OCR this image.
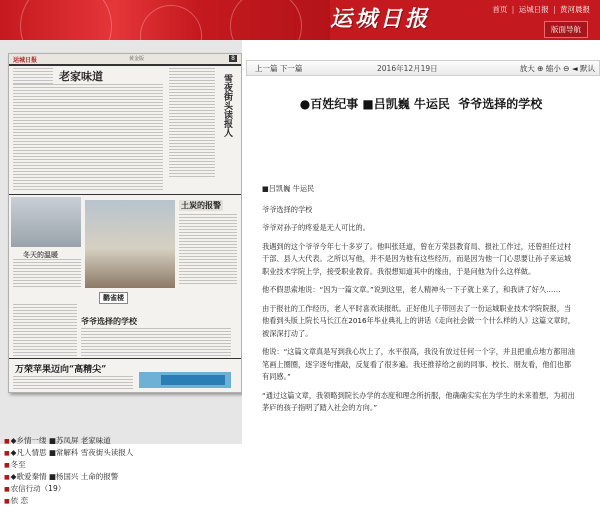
运城日报	首页 | 运城日报 | 黄河晨报
版面导航
运城日报	黄金版	8
老家味道	雪夜街头读报人
冬天的温暖
土炭的报警
鹳雀楼
爷爷选择的学校
万荣苹果迈向“高精尖”
■◆乡情一缕 ■苏凤屏 老家味道
■◆凡人情思 ■常解科 雪夜街头读报人
■冬至
■◆歌爱秦情 ■杨国兴 土命的报警
■农信行动（19）
■依 恋
上一篇 下一篇	2016年12月19日	放大 ⊕ 缩小 ⊖ ◄ 默认
●百姓纪事 ■吕凯巍 牛运民 爷爷选择的学校

■吕凯巍 牛运民

爷爷选择的学校

爷爷对孙子的疼爱是无人可比的。

我遇到的这个爷爷今年七十多岁了。他叫张廷道，曾在万荣县教育局、报社工作过，还曾担任过村干部、县人大代表。之所以写他，并不是因为他有这些经历，而是因为他一门心思要让孙子来运城职业技术学院上学，接受职业教育。我很想知道其中的缘由，于是问他为什么这样做。

他不假思索地说：“因为一篇文章。”说到这里，老人精神头一下子就上来了，和我讲了好久……

由于报社的工作经历，老人平时喜欢读报纸。正好他儿子带回去了一份运城职业技术学院院报，当他看到头版上院长马长江在2016年毕业典礼上的讲话《走向社会做一个什么样的人》这篇文章时，被深深打动了。

他说：“这篇文章真是写到我心坎上了，水平很高，我没有放过任何一个字，并且把重点地方都用油笔画上圈圈，逐字逐句推敲，反复看了很多遍。我还推荐给之前的同事、校长、朋友看，他们也都有同感。”

“通过这篇文章，我领略到院长办学的态度和理念所折服，他确确实实在为学生的未来着想，为初出茅庐的孩子指明了踏入社会的方向。”
